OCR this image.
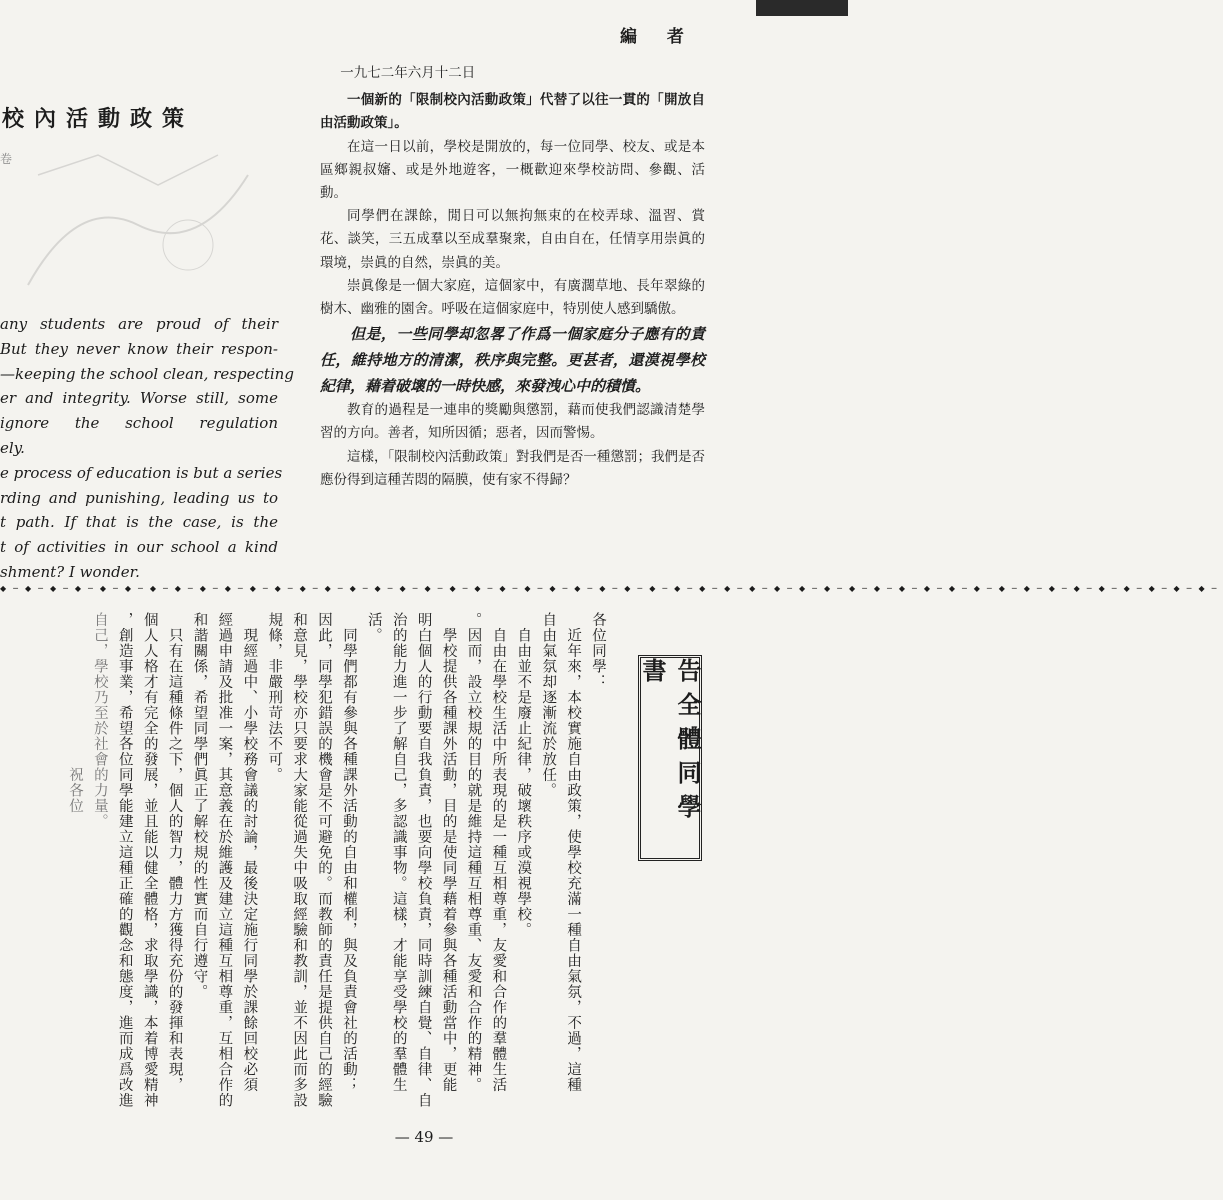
編 者
校內活動政策
卷
any students are proud of their
But they never know their respon-
—keeping the school clean, respecting
er and integrity. Worse still, some
ignore the school regulation
ely.
e process of education is but a series
rding and punishing, leading us to
t path. If that is the case, is the
t of activities in our school a kind
shment? I wonder.

一九七二年六月十二日

一個新的「限制校內活動政策」代替了以往一貫的「開放自由活動政策」。

在這一日以前，學校是開放的，每一位同學、校友、或是本區鄉親叔嬸、或是外地遊客，一概歡迎來學校訪問、參觀、活動。

同學們在課餘，閒日可以無拘無束的在校弄球、溫習、賞花、談笑，三五成羣以至成羣聚衆，自由自在，任情享用崇眞的環境，崇眞的自然，崇眞的美。

崇眞像是一個大家庭，這個家中，有廣濶草地、長年翠綠的樹木、幽雅的園舍。呼吸在這個家庭中，特別使人感到驕傲。

但是，一些同學却忽畧了作爲一個家庭分子應有的責任，維持地方的清潔，秩序與完整。更甚者，還漠視學校紀律，藉着破壞的一時快感，來發洩心中的積憤。

教育的過程是一連串的獎勵與懲罰，藉而使我們認識清楚學習的方向。善者，知所因循；惡者，因而警惕。

這樣，「限制校內活動政策」對我們是否一種懲罰；我們是否應份得到這種苦悶的隔膜，使有家不得歸？

◆─◆─◆─◆─◆─◆─◆─◆─◆─◆─◆─◆─◆─◆─◆─◆─◆─◆─◆─◆─◆─◆─◆─◆─◆─◆─◆─◆─◆─◆─◆─◆─◆─◆─◆─◆─◆─◆─◆─◆─◆─◆─◆─◆─◆─◆─◆─◆─◆─
告全體同學書
各位同學：
　近年來，本校實施自由政策，使學校充滿一種自由氣氛，不過，這種
自由氣氛却逐漸流於放任。
　自由並不是廢止紀律，破壞秩序或漠視學校。
　自由在學校生活中所表現的是一種互相尊重，友愛和合作的羣體生活
。因而，設立校規的目的就是維持這種互相尊重、友愛和合作的精神。
　學校提供各種課外活動，目的是使同學藉着參與各種活動當中，更能
明白個人的行動要自我負責，也要向學校負責，同時訓練自覺、自律、自
治的能力進一步了解自己，多認識事物。這樣，才能享受學校的羣體生
活。
　同學們都有參與各種課外活動的自由和權利，與及負責會社的活動；
因此，同學犯錯誤的機會是不可避免的。而教師的責任是提供自己的經驗
和意見，學校亦只要求大家能從過失中吸取經驗和教訓，並不因此而多設
規條，非嚴刑苛法不可。
　現經過中、小學校務會議的討論，最後決定施行同學於課餘回校必須
經過申請及批准一案，其意義在於維護及建立這種互相尊重，互相合作的
和諧關係，希望同學們眞正了解校規的性實而自行遵守。
　只有在這種條件之下，個人的智力，體力方獲得充份的發揮和表現，
個人人格才有完全的發展，並且能以健全體格，求取學識，本着博愛精神
，創造事業，希望各位同學能建立這種正確的觀念和態度，進而成爲改進
自己，學校乃至於社會的力量。
　　　　　　　　　　祝各位
— 49 —
